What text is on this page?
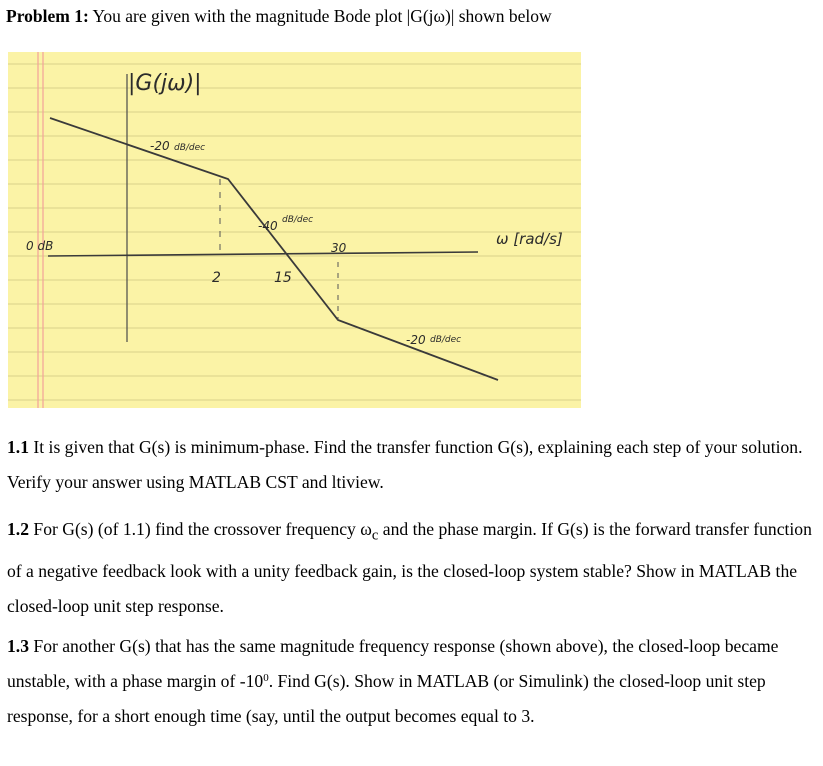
Problem 1: You are given with the magnitude Bode plot |G(jω)| shown below
|G(jω)|
0 dB	ω [rad/s]
-20 dB/dec
-40 dB/dec
-20 dB/dec
2	15
30
1.1 It is given that G(s) is minimum-phase. Find the transfer function G(s), explaining each step of your solution. Verify your answer using MATLAB CST and ltiview.
1.2 For G(s) (of 1.1) find the crossover frequency $\omega_c$ and the phase margin. If G(s) is the forward transfer function of a negative feedback look with a unity feedback gain, is the closed-loop system stable? Show in MATLAB the closed-loop unit step response.
1.3 For another G(s) that has the same magnitude frequency response (shown above), the closed-loop became unstable, with a phase margin of $-10^0$. Find G(s). Show in MATLAB (or Simulink) the closed-loop unit step response, for a short enough time (say, until the output becomes equal to 3.
